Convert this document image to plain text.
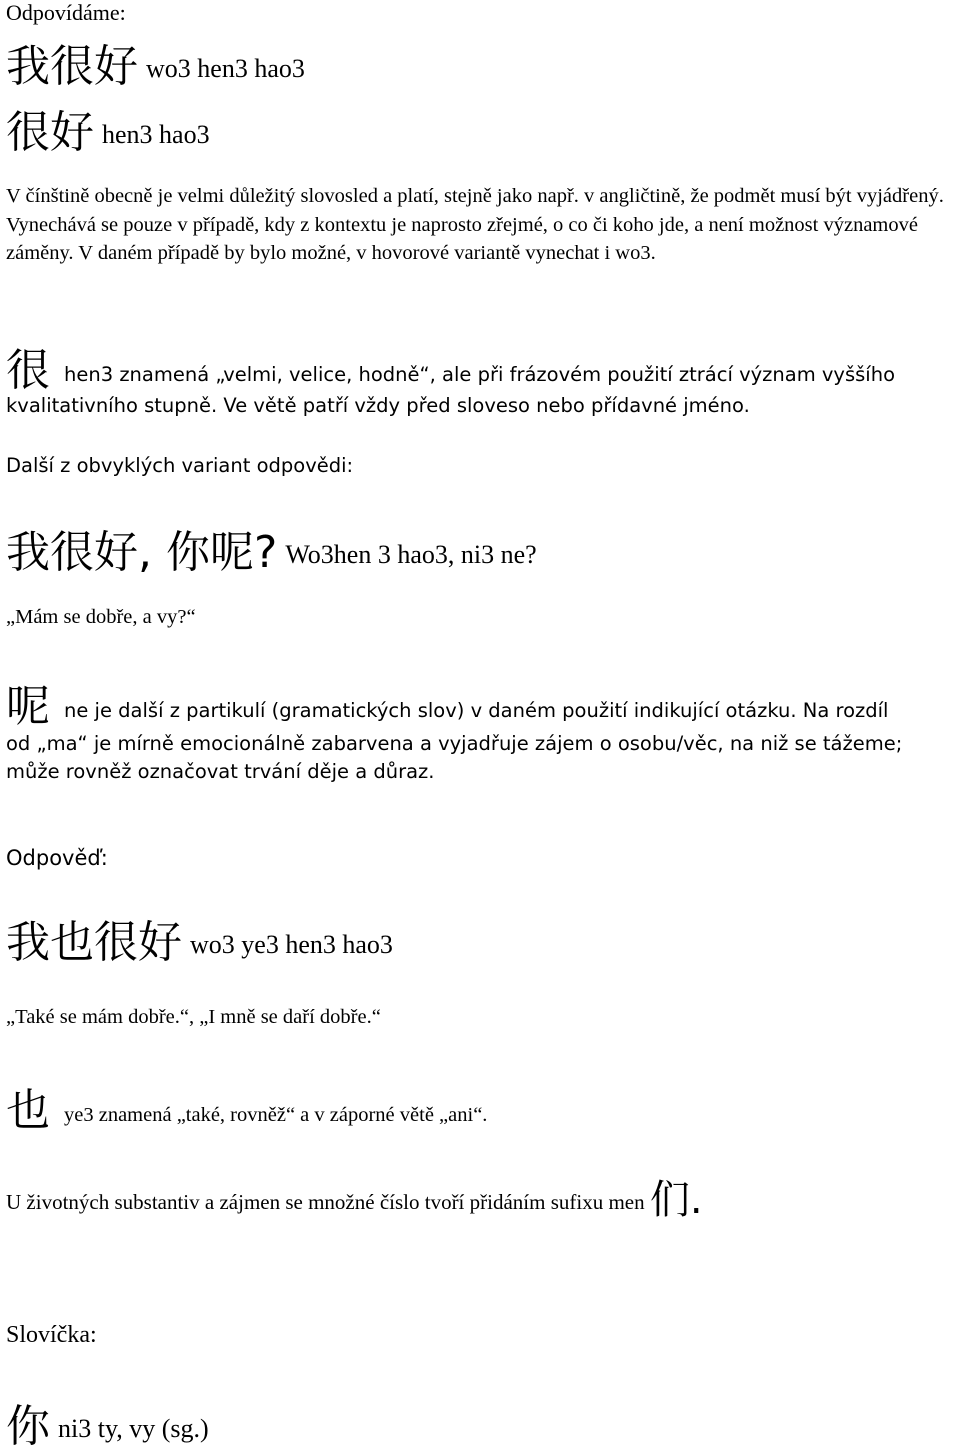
Odpovídáme:
我很好 wo3 hen3 hao3
很好 hen3 hao3

V čínštině obecně je velmi důležitý slovosled a platí, stejně jako např. v angličtině, že podmět musí být vyjádřený. Vynechává se pouze v případě, kdy z kontextu je naprosto zřejmé, o co či koho jde, a není možnost významové záměny. V daném případě by bylo možné, v hovorové variantě vynechat i wo3.

很hen3 znamená „velmi, velice, hodně“, ale při frázovém použití ztrácí význam vyššího
kvalitativního stupně. Ve větě patří vždy před sloveso nebo přídavné jméno.
Další z obvyklých variant odpovědi:
我很好, 你呢? Wo3hen 3 hao3, ni3 ne?
„Mám se dobře, a vy?“
呢ne je další z partikulí (gramatických slov) v daném použití indikující otázku. Na rozdíl
od „ma“ je mírně emocionálně zabarvena a vyjadřuje zájem o osobu/věc, na niž se tážeme;
může rovněž označovat trvání děje a důraz.
Odpověď:
我也很好 wo3 ye3 hen3 hao3
„Také se mám dobře.“, „I mně se daří dobře.“
也ye3 znamená „také, rovněž“ a v záporné větě „ani“.
U životných substantiv a zájmen se množné číslo tvoří přidáním sufixu men 们.
Slovíčka:
你ni3 ty, vy (sg.)
